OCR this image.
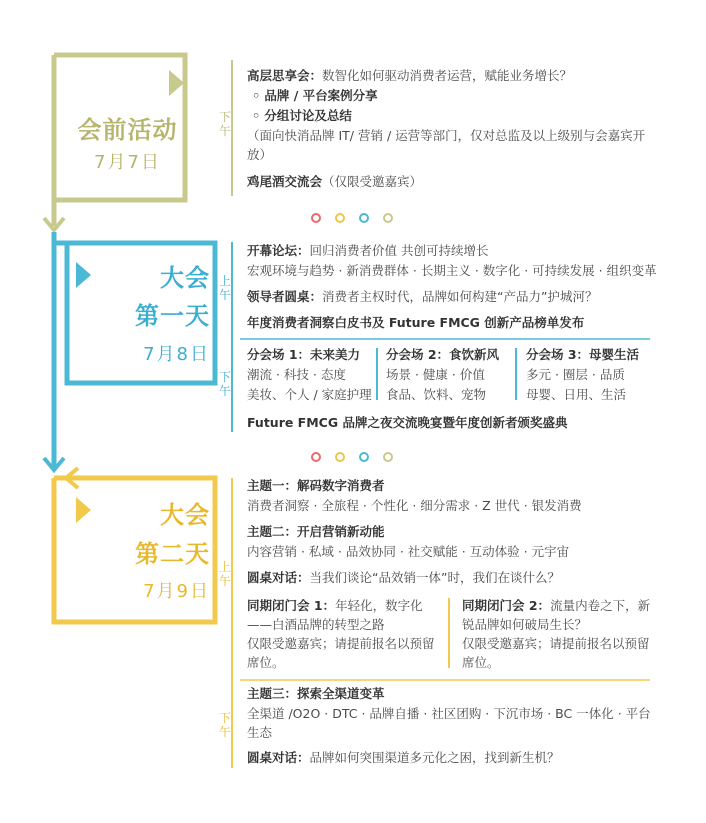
会前活动
7月7日
下午
高层思享会：数智化如何驱动消费者运营，赋能业务增长？
◦ 品牌 / 平台案例分享
◦ 分组讨论及总结
（面向快消品牌 IT/ 营销 / 运营等部门，仅对总监及以上级别与会嘉宾开放）
鸡尾酒交流会（仅限受邀嘉宾）
大会
第一天
7月8日
上午
下午
开幕论坛：回归消费者价值 共创可持续增长
宏观环境与趋势 · 新消费群体 · 长期主义 · 数字化 · 可持续发展 · 组织变革
领导者圆桌：消费者主权时代，品牌如何构建“产品力”护城河？
年度消费者洞察白皮书及 Future FMCG 创新产品榜单发布
分会场 1：未来美力
潮流 · 科技 · 态度
美妆、个人 / 家庭护理
分会场 2：食饮新风
场景 · 健康 · 价值
食品、饮料、宠物
分会场 3：母婴生活
多元 · 圈层 · 品质
母婴、日用、生活
Future FMCG 品牌之夜交流晚宴暨年度创新者颁奖盛典
大会
第二天
7月9日
上午
下午
主题一：解码数字消费者
消费者洞察 · 全旅程 · 个性化 · 细分需求 · Z 世代 · 银发消费
主题二：开启营销新动能
内容营销 · 私域 · 品效协同 · 社交赋能 · 互动体验 · 元宇宙
圆桌对话：当我们谈论“品效销一体”时，我们在谈什么？
同期闭门会 1：年轻化，数字化——白酒品牌的转型之路
仅限受邀嘉宾；请提前报名以预留席位。
同期闭门会 2：流量内卷之下，新锐品牌如何破局生长？
仅限受邀嘉宾；请提前报名以预留席位。
主题三：探索全渠道变革
全渠道 /O2O · DTC · 品牌自播 · 社区团购 · 下沉市场 · BC 一体化 · 平台生态
圆桌对话：品牌如何突围渠道多元化之困，找到新生机？
